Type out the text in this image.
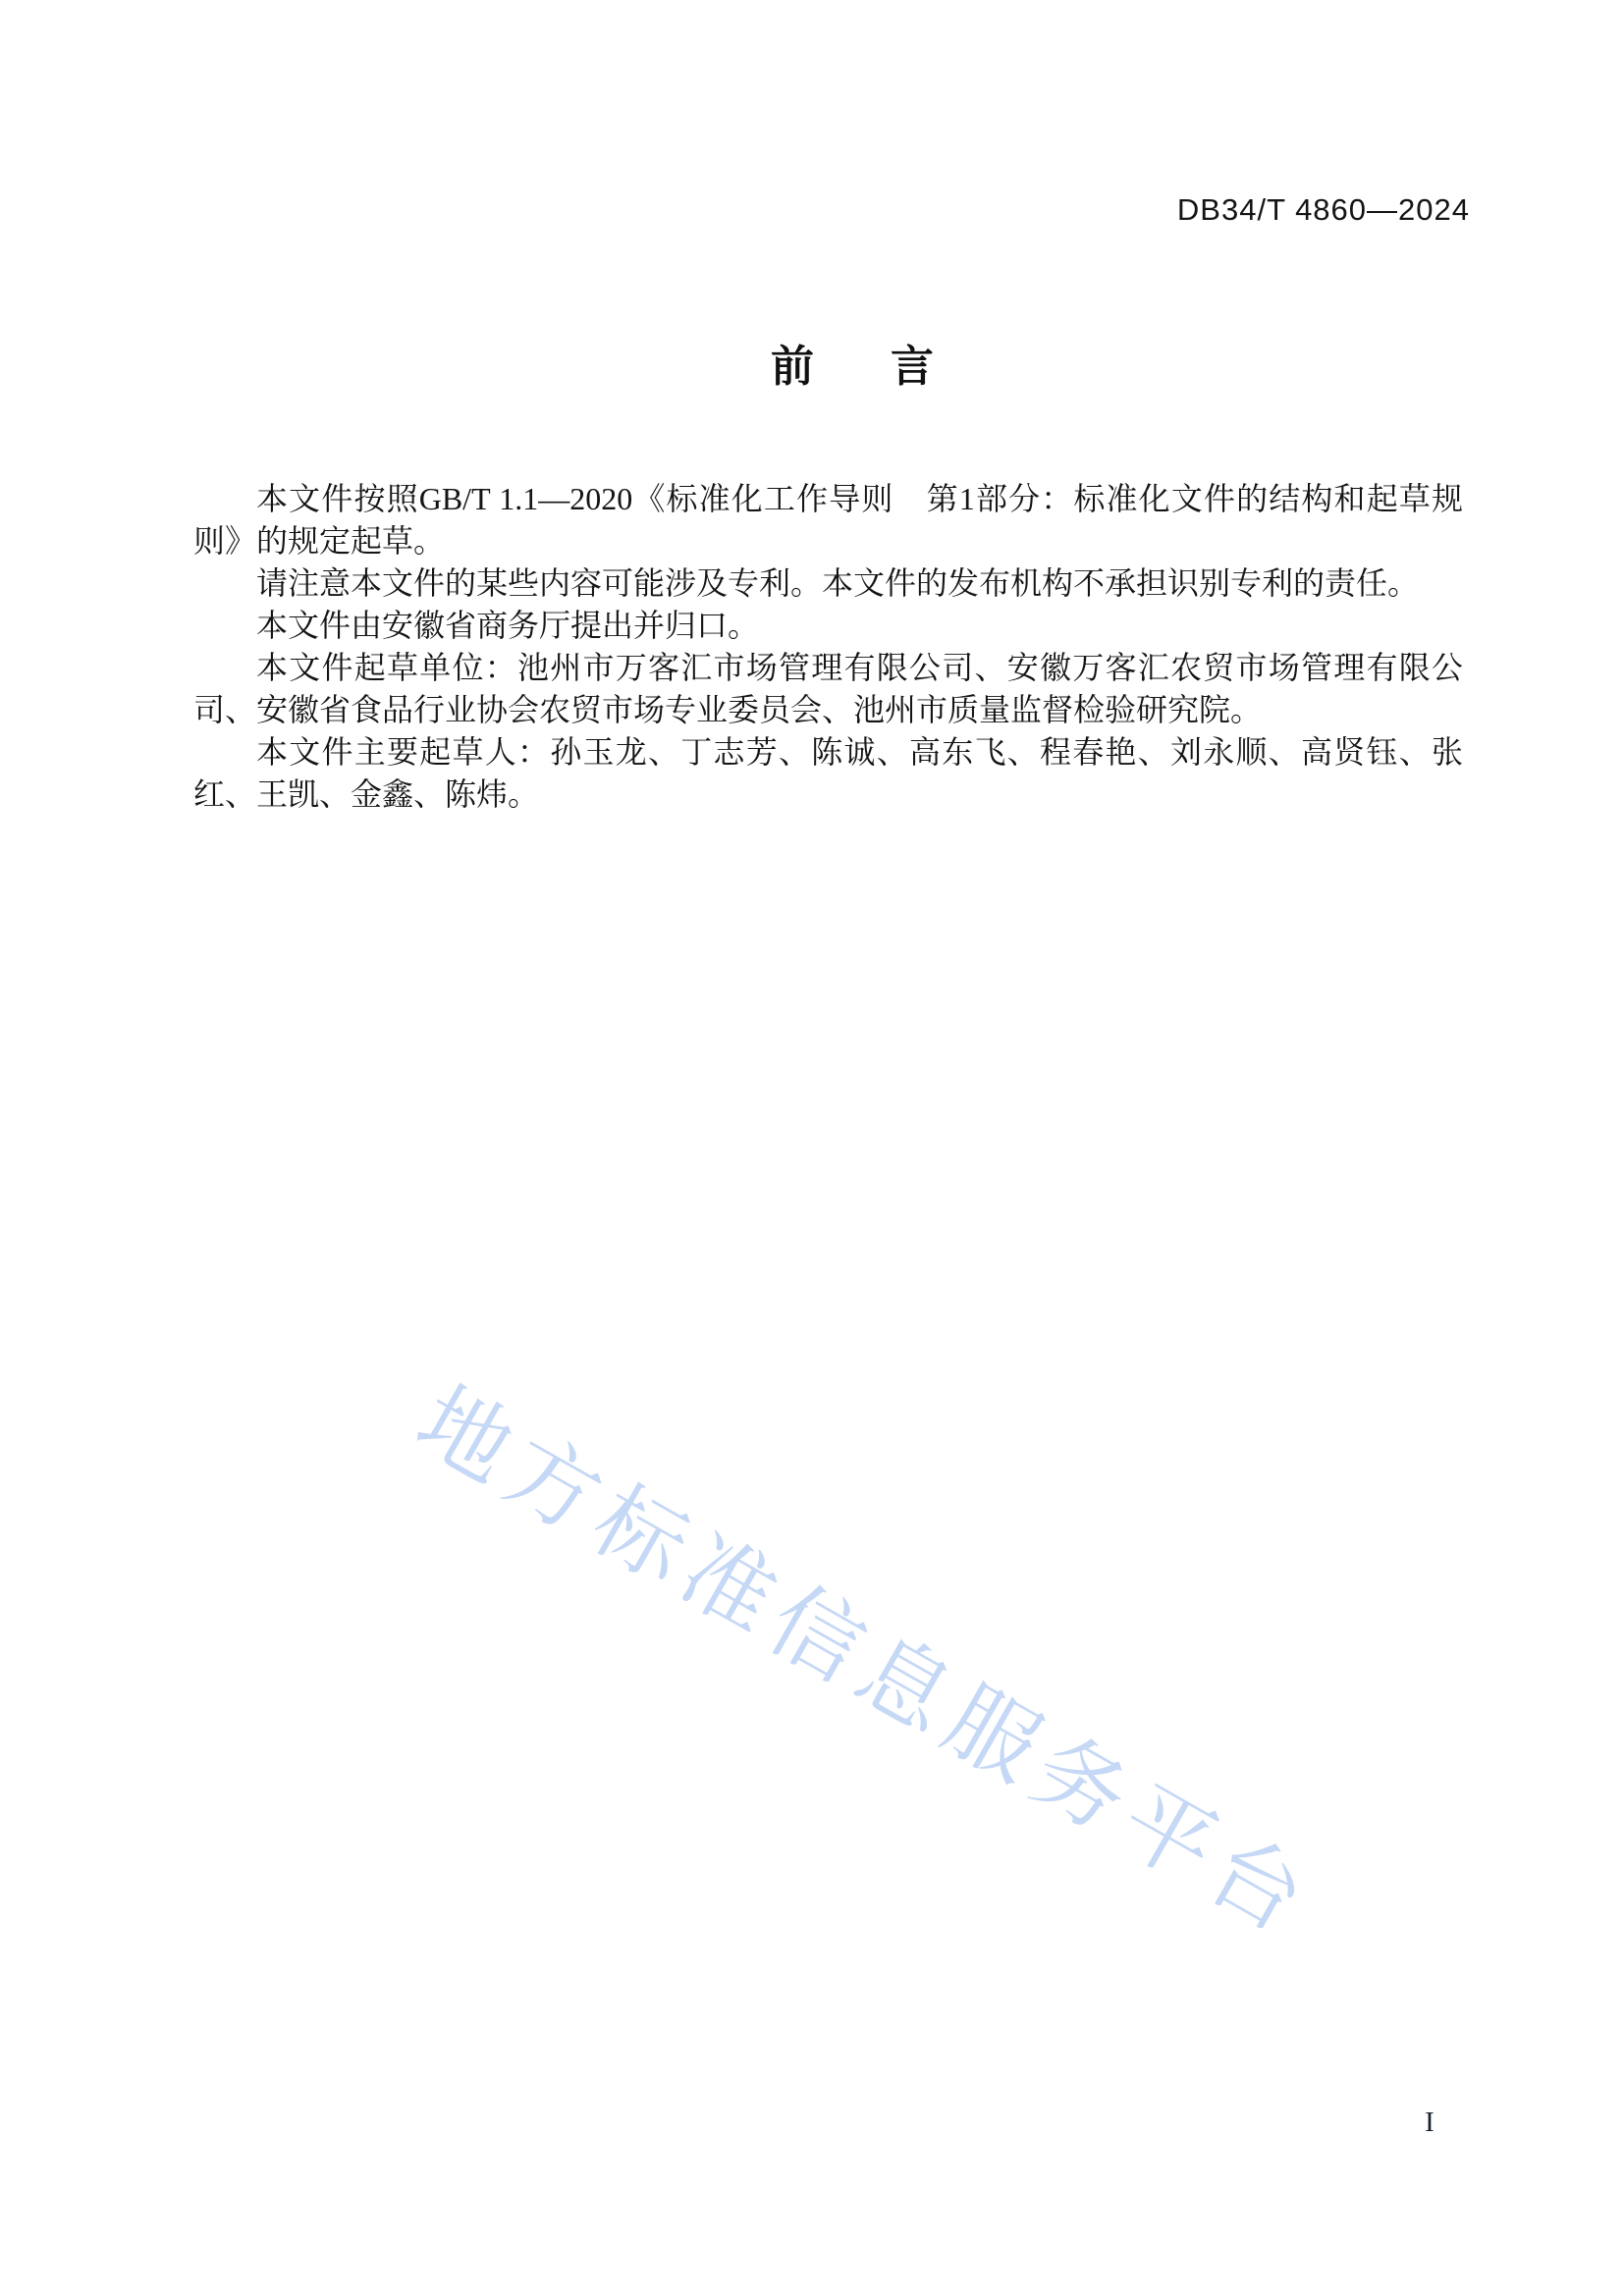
DB34/T 4860—2024
前 言

本文件按照GB/T 1.1—2020《标准化工作导则　第1部分：标准化文件的结构和起草规则》的规定起草。

请注意本文件的某些内容可能涉及专利。本文件的发布机构不承担识别专利的责任。

本文件由安徽省商务厅提出并归口。

本文件起草单位：池州市万客汇市场管理有限公司、安徽万客汇农贸市场管理有限公司、安徽省食品行业协会农贸市场专业委员会、池州市质量监督检验研究院。

本文件主要起草人：孙玉龙、丁志芳、陈诚、高东飞、程春艳、刘永顺、高贤钰、张红、王凯、金鑫、陈炜。

地方标准信息服务平台
I
